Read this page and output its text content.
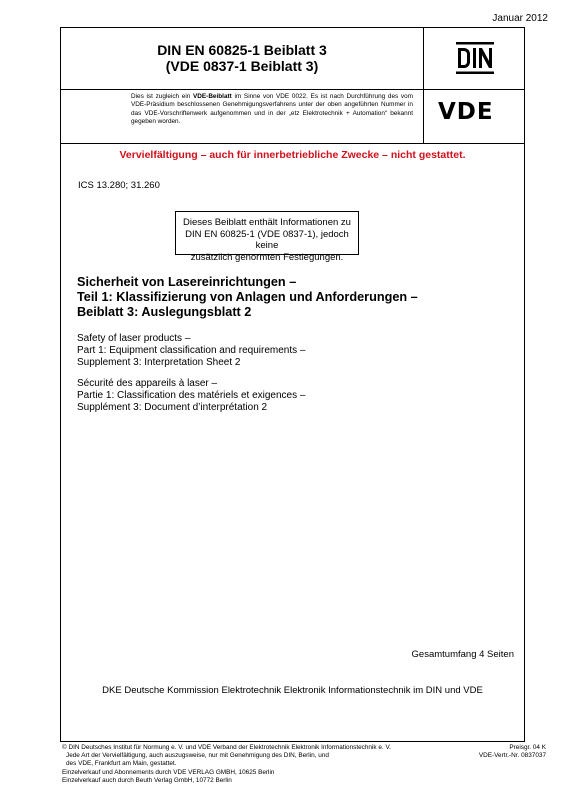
Januar 2012
DIN EN 60825-1 Beiblatt 3
(VDE 0837-1 Beiblatt 3)

Dies ist zugleich ein VDE-Beiblatt im Sinne von VDE 0022. Es ist nach Durchführung des vom VDE-Präsidium beschlossenen Genehmigungsverfahrens unter der oben angeführten Nummer in das VDE-Vorschriftenwerk aufgenommen und in der „etz Elektrotechnik + Automation“ bekannt gegeben worden.	VDE
Vervielfältigung – auch für innerbetriebliche Zwecke – nicht gestattet.
ICS 13.280; 31.260
Dieses Beiblatt enthält Informationen zu
DIN EN 60825-1 (VDE 0837-1), jedoch keine
zusätzlich genormten Festlegungen.
Sicherheit von Lasereinrichtungen –
Teil 1: Klassifizierung von Anlagen und Anforderungen –
Beiblatt 3: Auslegungsblatt 2
Safety of laser products –
Part 1: Equipment classification and requirements –
Supplement 3: Interpretation Sheet 2
Sécurité des appareils à laser –
Partie 1: Classification des matériels et exigences –
Supplément 3: Document d’interprétation 2
Gesamtumfang 4 Seiten
DKE Deutsche Kommission Elektrotechnik Elektronik Informationstechnik im DIN und VDE
© DIN Deutsches Institut für Normung e. V. und VDE Verband der Elektrotechnik Elektronik Informationstechnik e. V.
Jede Art der Vervielfältigung, auch auszugsweise, nur mit Genehmigung des DIN, Berlin, und
des VDE, Frankfurt am Main, gestattet.
Einzelverkauf und Abonnements durch VDE VERLAG GMBH, 10625 Berlin
Einzelverkauf auch durch Beuth Verlag GmbH, 10772 Berlin
Preisgr. 04 K
VDE-Vertr.-Nr. 0837037
